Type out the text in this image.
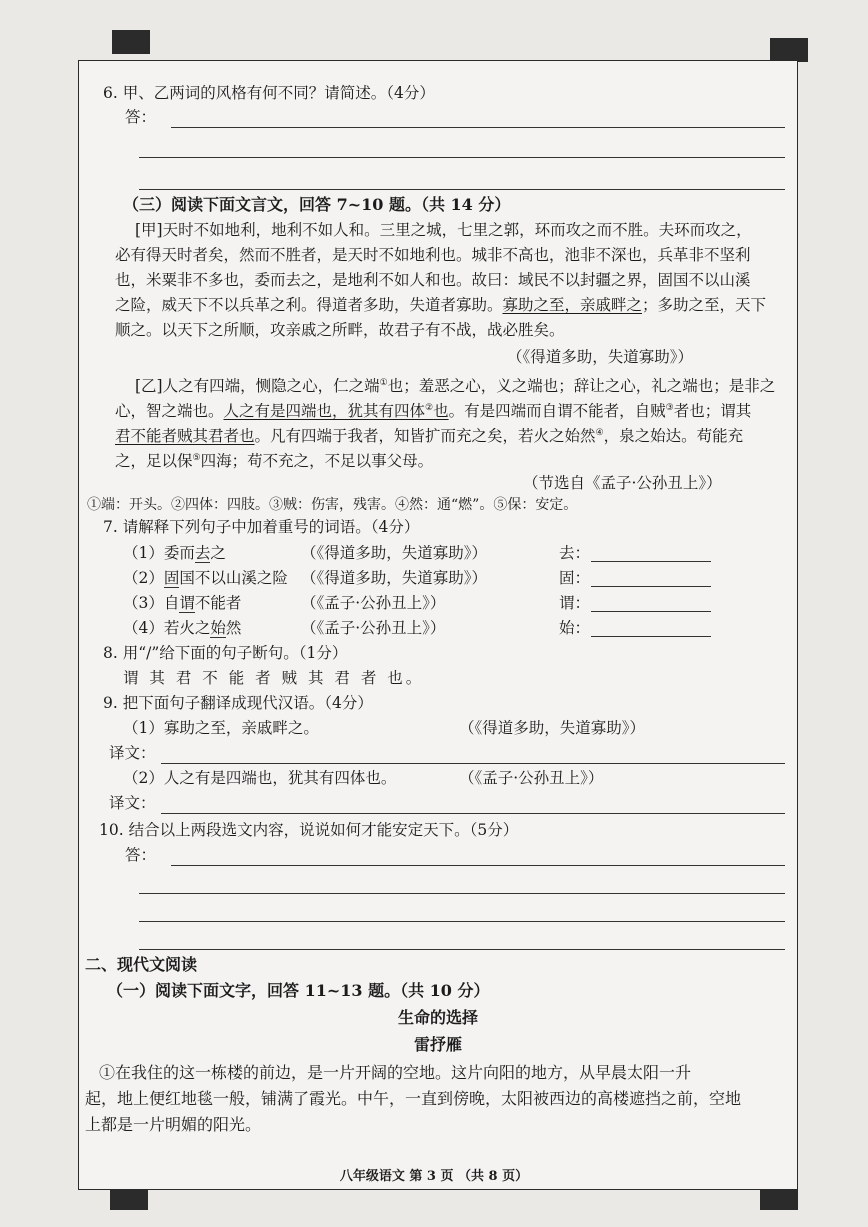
6. 甲、乙两词的风格有何不同？请简述。（4分）
答：
（三）阅读下面文言文，回答 7~10 题。（共 14 分）
[甲]天时不如地利，地利不如人和。三里之城，七里之郭，环而攻之而不胜。夫环而攻之，
必有得天时者矣，然而不胜者，是天时不如地利也。城非不高也，池非不深也，兵革非不坚利
也，米粟非不多也，委而去之，是地利不如人和也。故曰：域民不以封疆之界，固国不以山溪
之险，威天下不以兵革之利。得道者多助，失道者寡助。寡助之至，亲戚畔之；多助之至，天下
顺之。以天下之所顺，攻亲戚之所畔，故君子有不战，战必胜矣。
（《得道多助，失道寡助》）
[乙]人之有四端，恻隐之心，仁之端①也；羞恶之心，义之端也；辞让之心，礼之端也；是非之
心，智之端也。人之有是四端也，犹其有四体②也。有是四端而自谓不能者，自贼③者也；谓其
君不能者贼其君者也。凡有四端于我者，知皆扩而充之矣，若火之始然④，泉之始达。苟能充
之，足以保⑤四海；苟不充之，不足以事父母。
（节选自《孟子·公孙丑上》）
①端：开头。②四体：四肢。③贼：伤害，残害。④然：通“燃”。⑤保：安定。
7. 请解释下列句子中加着重号的词语。（4分）
（1）委而去之	（《得道多助，失道寡助》）	去：
（2）固国不以山溪之险 （《得道多助，失道寡助》）	固：
（3）自谓不能者	（《孟子·公孙丑上》）	谓：
（4）若火之始然	（《孟子·公孙丑上》）	始：
8. 用“/”给下面的句子断句。（1分）
谓 其 君 不 能 者 贼 其 君 者 也。
9. 把下面句子翻译成现代汉语。（4分）
（1）寡助之至，亲戚畔之。	（《得道多助，失道寡助》）
译文：
（2）人之有是四端也，犹其有四体也。	（《孟子·公孙丑上》）
译文：
10. 结合以上两段选文内容，说说如何才能安定天下。（5分）
答：
二、现代文阅读
（一）阅读下面文字，回答 11~13 题。（共 10 分）
生命的选择
雷抒雁
①在我住的这一栋楼的前边，是一片开阔的空地。这片向阳的地方，从早晨太阳一升
起，地上便红地毯一般，铺满了霞光。中午，一直到傍晚，太阳被西边的高楼遮挡之前，空地
上都是一片明媚的阳光。
八年级语文 第 3 页 （共 8 页）
